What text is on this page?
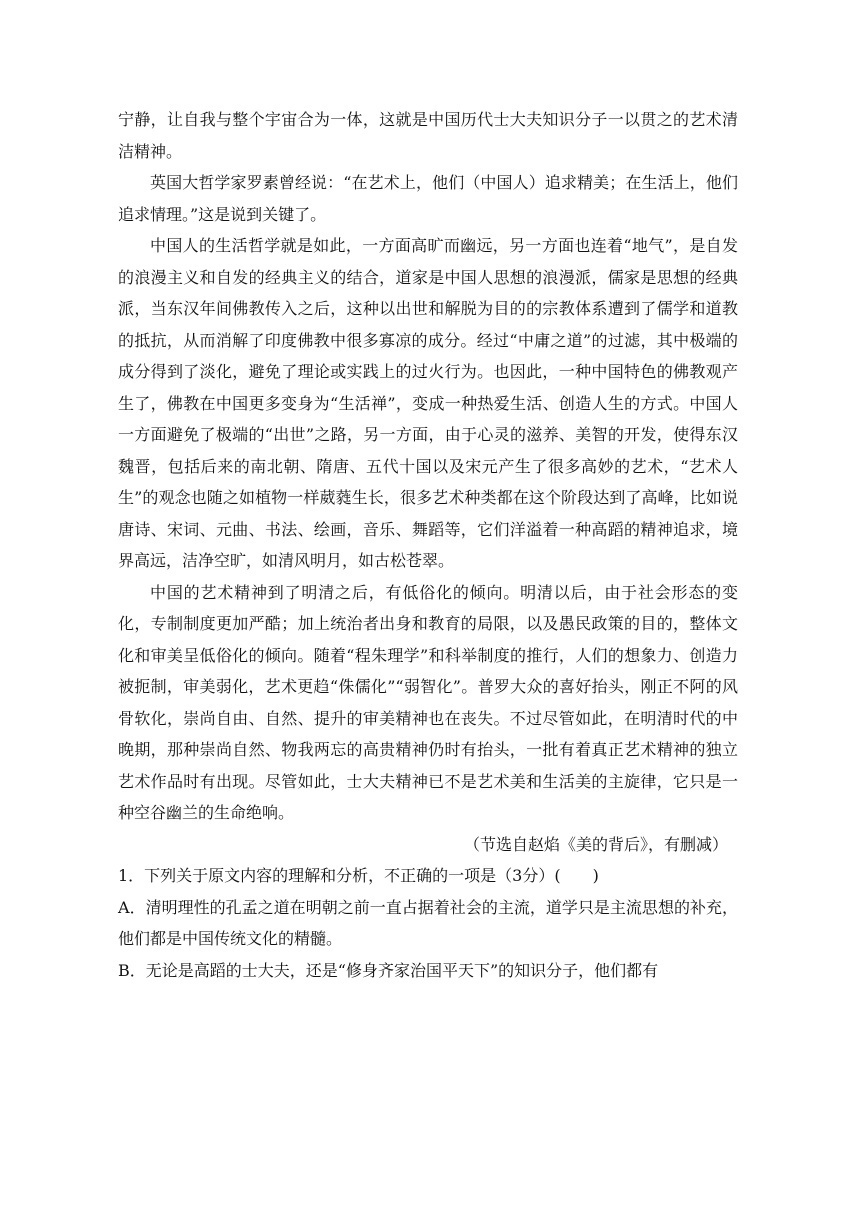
宁静，让自我与整个宇宙合为一体，这就是中国历代士大夫知识分子一以贯之的艺术清洁精神。

英国大哲学家罗素曾经说：“在艺术上，他们（中国人）追求精美；在生活上，他们追求情理。”这是说到关键了。

中国人的生活哲学就是如此，一方面高旷而幽远，另一方面也连着“地气”，是自发的浪漫主义和自发的经典主义的结合，道家是中国人思想的浪漫派，儒家是思想的经典派，当东汉年间佛教传入之后，这种以出世和解脱为目的的宗教体系遭到了儒学和道教的抵抗，从而消解了印度佛教中很多寡凉的成分。经过“中庸之道”的过滤，其中极端的成分得到了淡化，避免了理论或实践上的过火行为。也因此，一种中国特色的佛教观产生了，佛教在中国更多变身为“生活禅”，变成一种热爱生活、创造人生的方式。中国人一方面避免了极端的“出世”之路，另一方面，由于心灵的滋养、美智的开发，使得东汉魏晋，包括后来的南北朝、隋唐、五代十国以及宋元产生了很多高妙的艺术，“艺术人生”的观念也随之如植物一样葳蕤生长，很多艺术种类都在这个阶段达到了高峰，比如说唐诗、宋词、元曲、书法、绘画，音乐、舞蹈等，它们洋溢着一种高蹈的精神追求，境界高远，洁净空旷，如清风明月，如古松苍翠。

中国的艺术精神到了明清之后，有低俗化的倾向。明清以后，由于社会形态的变化，专制制度更加严酷；加上统治者出身和教育的局限，以及愚民政策的目的，整体文化和审美呈低俗化的倾向。随着“程朱理学”和科举制度的推行，人们的想象力、创造力被扼制，审美弱化，艺术更趋“侏儒化”“弱智化”。普罗大众的喜好抬头，刚正不阿的风骨软化，崇尚自由、自然、提升的审美精神也在丧失。不过尽管如此，在明清时代的中晚期，那种崇尚自然、物我两忘的高贵精神仍时有抬头，一批有着真正艺术精神的独立艺术作品时有出现。尽管如此，士大夫精神已不是艺术美和生活美的主旋律，它只是一种空谷幽兰的生命绝响。

（节选自赵焰《美的背后》，有删减）

1．下列关于原文内容的理解和分析，不正确的一项是（3分）(　　)

A．清明理性的孔孟之道在明朝之前一直占据着社会的主流，道学只是主流思想的补充，他们都是中国传统文化的精髓。

B．无论是高蹈的士大夫，还是“修身齐家治国平天下”的知识分子，他们都有
